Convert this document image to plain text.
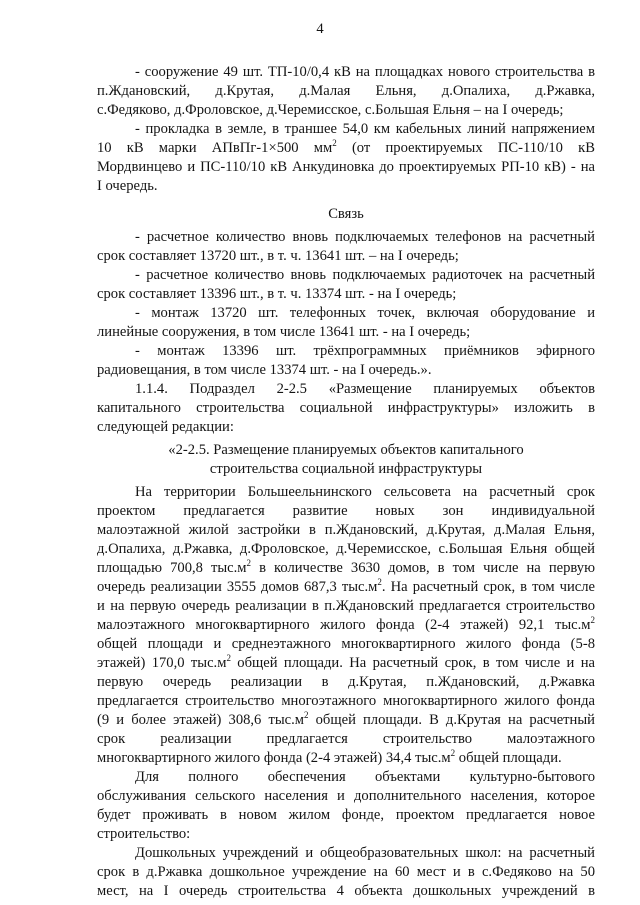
4
- сооружение 49 шт. ТП-10/0,4 кВ на площадках нового строительства в
п.Ждановский, д.Крутая, д.Малая Ельня, д.Опалиха, д.Ржавка,
с.Федяково, д.Фроловское, д.Черемисское, с.Большая Ельня – на I очередь;
- прокладка в земле, в траншее 54,0 км кабельных линий напряжением
10 кВ марки АПвПг-1×500 $мм^2$ (от проектируемых ПС-110/10 кВ
Мордвинцево и ПС-110/10 кВ Анкудиновка до проектируемых РП-10 кВ) - на
I очередь.
Связь
- расчетное количество вновь подключаемых телефонов на расчетный
срок составляет 13720 шт., в т. ч. 13641 шт. – на I очередь;
- расчетное количество вновь подключаемых радиоточек на расчетный
срок составляет 13396 шт., в т. ч. 13374 шт. - на I очередь;
- монтаж 13720 шт. телефонных точек, включая оборудование и
линейные сооружения, в том числе 13641 шт. - на I очередь;
- монтаж 13396 шт. трёхпрограммных приёмников эфирного
радиовещания, в том числе 13374 шт. - на I очередь.».
1.1.4. Подраздел 2-2.5 «Размещение планируемых объектов
капитального строительства социальной инфраструктуры» изложить в
следующей редакции:
«2-2.5. Размещение планируемых объектов капитального
строительства социальной инфраструктуры
На территории Большеельнинского сельсовета на расчетный срок
проектом предлагается развитие новых зон индивидуальной
малоэтажной жилой застройки в п.Ждановский, д.Крутая, д.Малая Ельня,
д.Опалиха, д.Ржавка, д.Фроловское, д.Черемисское, с.Большая Ельня общей
площадью 700,8 $тыс.м^2$ в количестве 3630 домов, в том числе на первую
очередь реализации 3555 домов 687,3 $тыс.м^2$. На расчетный срок, в том числе
и на первую очередь реализации в п.Ждановский предлагается строительство
малоэтажного многоквартирного жилого фонда (2-4 этажей) 92,1 $тыс.м^2$
общей площади и среднеэтажного многоквартирного жилого фонда (5-8
этажей) 170,0 $тыс.м^2$ общей площади. На расчетный срок, в том числе и на
первую очередь реализации в д.Крутая, п.Ждановский, д.Ржавка
предлагается строительство многоэтажного многоквартирного жилого фонда
(9 и более этажей) 308,6 $тыс.м^2$ общей площади. В д.Крутая на расчетный
срок реализации предлагается строительство малоэтажного
многоквартирного жилого фонда (2-4 этажей) 34,4 $тыс.м^2$ общей площади.
Для полного обеспечения объектами культурно-бытового
обслуживания сельского населения и дополнительного населения, которое
будет проживать в новом жилом фонде, проектом предлагается новое
строительство:
Дошкольных учреждений и общеобразовательных школ: на расчетный
срок в д.Ржавка дошкольное учреждение на 60 мест и в с.Федяково на 50
мест, на I очередь строительства 4 объекта дошкольных учреждений в
